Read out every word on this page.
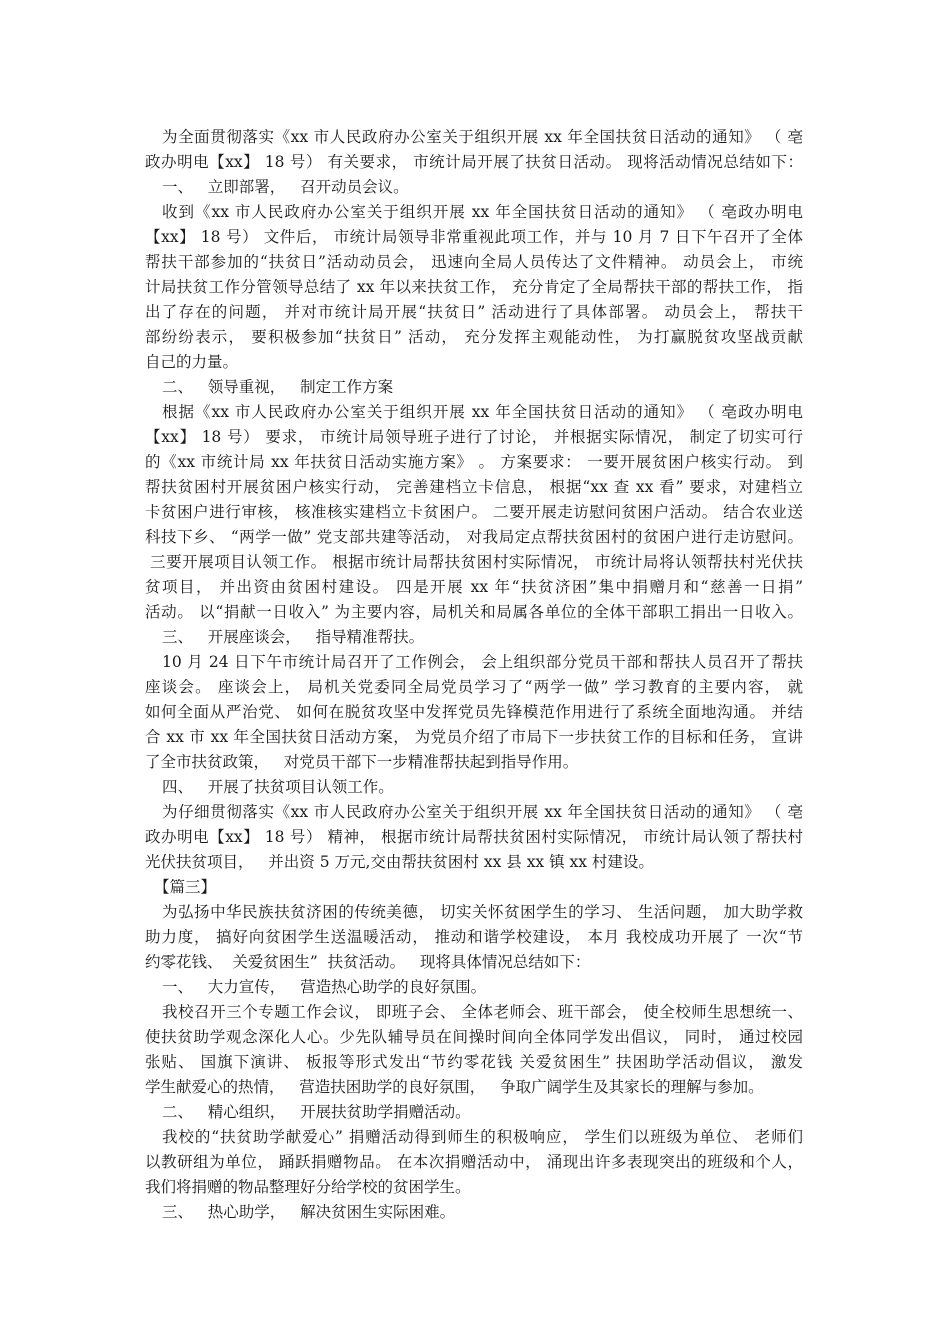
为全面贯彻落实《xx 市人民政府办公室关于组织开展 xx 年全国扶贫日活动的通知》 （ 亳
政办明电【xx】 18 号） 有关要求， 市统计局开展了扶贫日活动。 现将活动情况总结如下：
一、   立即部署，   召开动员会议。
收到《xx 市人民政府办公室关于组织开展 xx 年全国扶贫日活动的通知》 （ 亳政办明电
【xx】 18 号） 文件后， 市统计局领导非常重视此项工作，并与 10 月 7 日下午召开了全体
帮扶干部参加的“扶贫日”活动动员会， 迅速向全局人员传达了文件精神。 动员会上， 市统
计局扶贫工作分管领导总结了 xx 年以来扶贫工作， 充分肯定了全局帮扶干部的帮扶工作， 指
出了存在的问题， 并对市统计局开展“扶贫日” 活动进行了具体部署。 动员会上， 帮扶干
部纷纷表示， 要积极参加“扶贫日” 活动， 充分发挥主观能动性， 为打赢脱贫攻坚战贡献
自己的力量。
二、   领导重视，   制定工作方案
根据《xx 市人民政府办公室关于组织开展 xx 年全国扶贫日活动的通知》 （ 亳政办明电
【xx】 18 号） 要求， 市统计局领导班子进行了讨论， 并根据实际情况， 制定了切实可行
的《xx 市统计局 xx 年扶贫日活动实施方案》 。 方案要求： 一要开展贫困户核实行动。 到
帮扶贫困村开展贫困户核实行动， 完善建档立卡信息， 根据“xx 查 xx 看” 要求，对建档立
卡贫困户进行审核， 核准核实建档立卡贫困户。 二要开展走访慰问贫困户活动。 结合农业送
科技下乡、 “两学一做” 党支部共建等活动， 对我局定点帮扶贫困村的贫困户进行走访慰问。
三要开展项目认领工作。 根据市统计局帮扶贫困村实际情况， 市统计局将认领帮扶村光伏扶
贫项目， 并出资由贫困村建设。 四是开展 xx 年“扶贫济困”集中捐赠月和“慈善一日捐”
活动。 以“捐献一日收入” 为主要内容，局机关和局属各单位的全体干部职工捐出一日收入。
三、   开展座谈会，   指导精准帮扶。
10 月 24 日下午市统计局召开了工作例会， 会上组织部分党员干部和帮扶人员召开了帮扶
座谈会。 座谈会上， 局机关党委同全局党员学习了“两学一做” 学习教育的主要内容， 就
如何全面从严治党、 如何在脱贫攻坚中发挥党员先锋模范作用进行了系统全面地沟通。 并结
合 xx 市 xx 年全国扶贫日活动方案， 为党员介绍了市局下一步扶贫工作的目标和任务， 宣讲
了全市扶贫政策，   对党员干部下一步精准帮扶起到指导作用。
四、   开展了扶贫项目认领工作。
为仔细贯彻落实《xx 市人民政府办公室关于组织开展 xx 年全国扶贫日活动的通知》 （ 亳
政办明电【xx】 18 号） 精神， 根据市统计局帮扶贫困村实际情况， 市统计局认领了帮扶村
光伏扶贫项目，   并出资 5 万元,交由帮扶贫困村 xx 县 xx 镇 xx 村建设。
【篇三】
为弘扬中华民族扶贫济困的传统美德， 切实关怀贫困学生的学习、 生活问题， 加大助学救
助力度， 搞好向贫困学生送温暖活动， 推动和谐学校建设， 本月 我校成功开展了 一次“节
约零花钱、  关爱贫困生”  扶贫活动。   现将具体情况总结如下：
一、   大力宣传，   营造热心助学的良好氛围。
我校召开三个专题工作会议， 即班子会、 全体老师会、班干部会， 使全校师生思想统一、
使扶贫助学观念深化人心。少先队辅导员在间操时间向全体同学发出倡议， 同时， 通过校园
张贴、 国旗下演讲、 板报等形式发出“节约零花钱 关爱贫困生” 扶困助学活动倡议， 激发
学生献爱心的热情，   营造扶困助学的良好氛围，   争取广阔学生及其家长的理解与参加。
二、   精心组织，   开展扶贫助学捐赠活动。
我校的“扶贫助学献爱心” 捐赠活动得到师生的积极响应， 学生们以班级为单位、 老师们
以教研组为单位， 踊跃捐赠物品。 在本次捐赠活动中， 涌现出许多表现突出的班级和个人，
我们将捐赠的物品整理好分给学校的贫困学生。
三、   热心助学，   解决贫困生实际困难。
